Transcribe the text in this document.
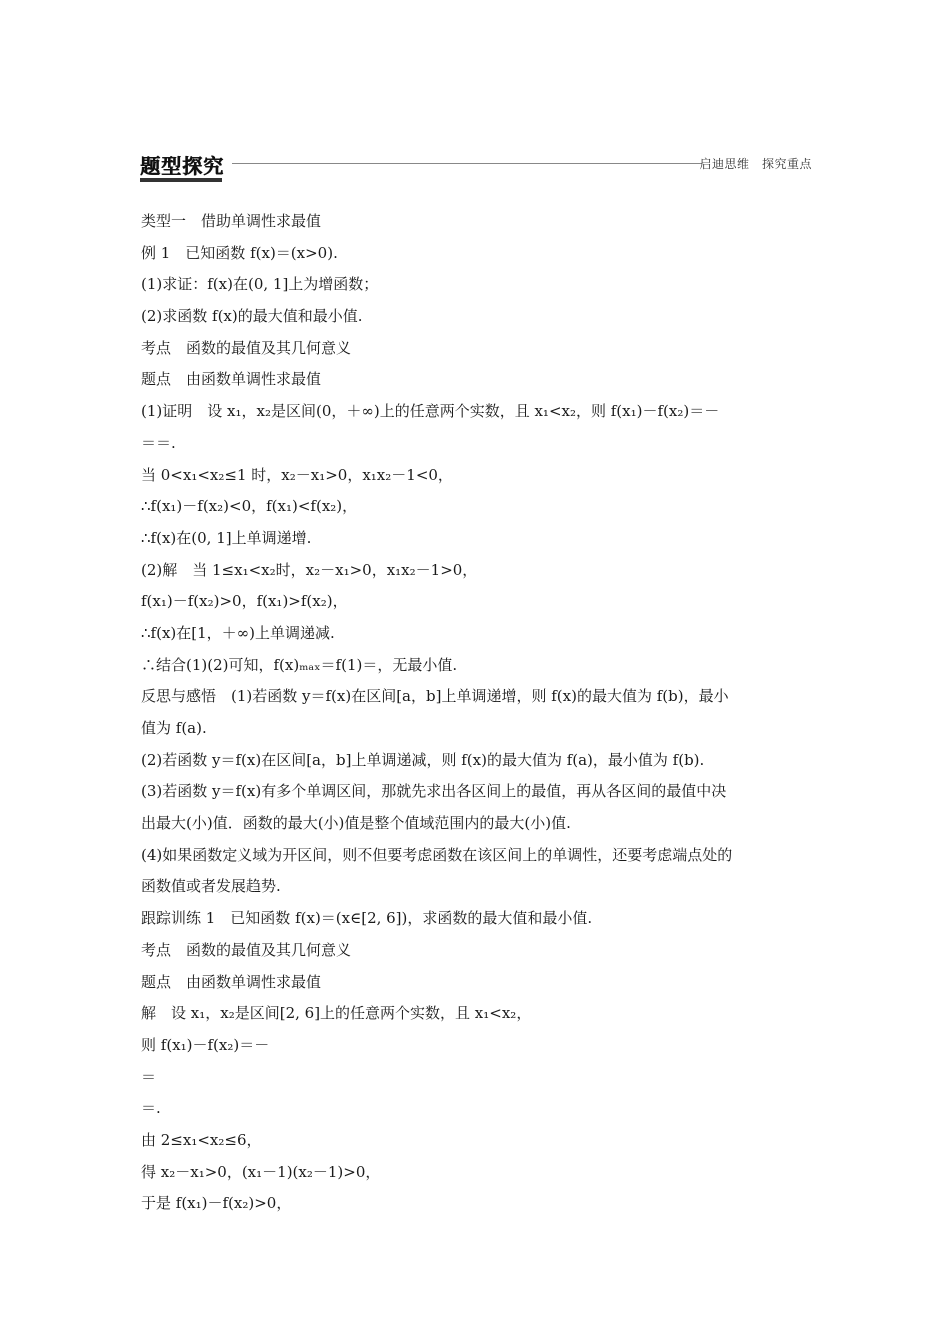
题型探究	启迪思维　探究重点
类型一　借助单调性求最值
例 1　已知函数 f(x)＝(x>0).
(1)求证：f(x)在(0, 1]上为增函数；
(2)求函数 f(x)的最大值和最小值.
考点　函数的最值及其几何意义
题点　由函数单调性求最值
(1)证明　设 x₁，x₂是区间(0，＋∞)上的任意两个实数，且 x₁<x₂，则 f(x₁)－f(x₂)＝－
＝＝.
当 0<x₁<x₂≤1 时，x₂－x₁>0，x₁x₂－1<0，
∴f(x₁)－f(x₂)<0，f(x₁)<f(x₂)，
∴f(x)在(0, 1]上单调递增.
(2)解　当 1≤x₁<x₂时，x₂－x₁>0，x₁x₂－1>0，
f(x₁)－f(x₂)>0，f(x₁)>f(x₂)，
∴f(x)在[1，＋∞)上单调递减.
∴结合(1)(2)可知，f(x)ₘₐₓ＝f(1)＝，无最小值.
反思与感悟　(1)若函数 y＝f(x)在区间[a，b]上单调递增，则 f(x)的最大值为 f(b)，最小
值为 f(a).
(2)若函数 y＝f(x)在区间[a，b]上单调递减，则 f(x)的最大值为 f(a)，最小值为 f(b).
(3)若函数 y＝f(x)有多个单调区间，那就先求出各区间上的最值，再从各区间的最值中决
出最大(小)值．函数的最大(小)值是整个值域范围内的最大(小)值.
(4)如果函数定义域为开区间，则不但要考虑函数在该区间上的单调性，还要考虑端点处的
函数值或者发展趋势.
跟踪训练 1　已知函数 f(x)＝(x∈[2, 6])，求函数的最大值和最小值.
考点　函数的最值及其几何意义
题点　由函数单调性求最值
解　设 x₁，x₂是区间[2, 6]上的任意两个实数，且 x₁<x₂，
则 f(x₁)－f(x₂)＝－
＝
＝.
由 2≤x₁<x₂≤6，
得 x₂－x₁>0，(x₁－1)(x₂－1)>0，
于是 f(x₁)－f(x₂)>0，
